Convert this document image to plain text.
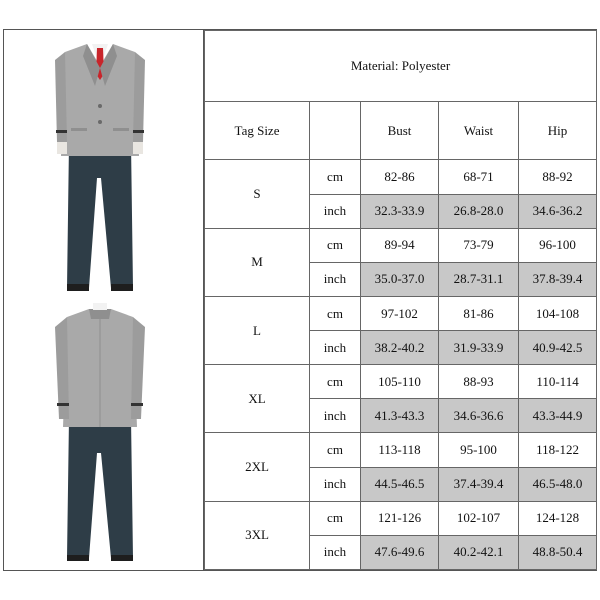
Material: Polyester				
Tag Size		Bust	Waist	Hip
S	cm	82-86	68-71	88-92
	inch	32.3-33.9	26.8-28.0	34.6-36.2
M	cm	89-94	73-79	96-100
	inch	35.0-37.0	28.7-31.1	37.8-39.4
L	cm	97-102	81-86	104-108
	inch	38.2-40.2	31.9-33.9	40.9-42.5
XL	cm	105-110	88-93	110-114
	inch	41.3-43.3	34.6-36.6	43.3-44.9
2XL	cm	113-118	95-100	118-122
	inch	44.5-46.5	37.4-39.4	46.5-48.0
3XL	cm	121-126	102-107	124-128
	inch	47.6-49.6	40.2-42.1	48.8-50.4
